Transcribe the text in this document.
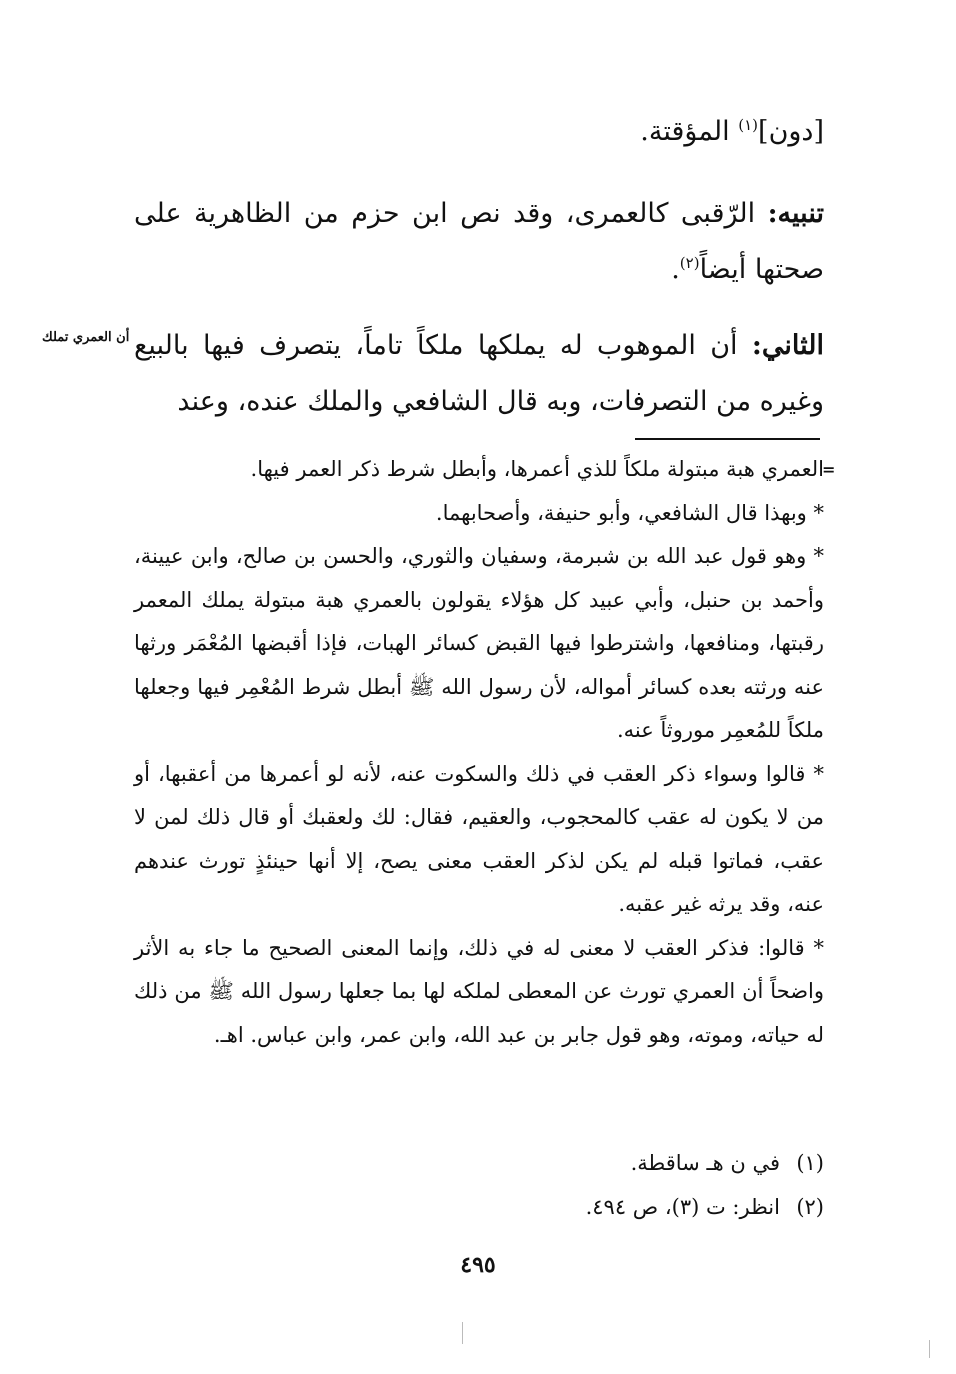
[دون]$^{(١)}$ المؤقتة.
تنبيه: الرّقبى كالعمرى، وقد نص ابن حزم من الظاهرية على صحتها أيضاً$^{(٢)}$.
الثاني: أن الموهوب له يملكها ملكاً تاماً، يتصرف فيها بالبيع وغيره من التصرفات، وبه قال الشافعي والملك عنده، وعند
أن العمري تملك
=

العمري هبة مبتولة ملكاً للذي أعمرها، وأبطل شرط ذكر العمر فيها.

* وبهذا قال الشافعي، وأبو حنيفة، وأصحابهما.

* وهو قول عبد الله بن شبرمة، وسفيان والثوري، والحسن بن صالح، وابن عيينة، وأحمد بن حنبل، وأبي عبيد كل هؤلاء يقولون بالعمري هبة مبتولة يملك المعمر رقبتها، ومنافعها، واشترطوا فيها القبض كسائر الهبات، فإذا أقبضها المُعْمَر ورثها عنه ورثته بعده كسائر أمواله، لأن رسول الله ﷺ أبطل شرط المُعْمِر فيها وجعلها ملكاً للمُعمِر موروثاً عنه.

* قالوا وسواء ذكر العقب في ذلك والسكوت عنه، لأنه لو أعمرها من أعقبها، أو من لا يكون له عقب كالمحجوب، والعقيم، فقال: لك ولعقبك أو قال ذلك لمن لا عقب، فماتوا قبله لم يكن لذكر العقب معنى يصح، إلا أنها حينئذٍ تورث عندهم عنه، وقد يرثه غير عقبه.

* قالوا: فذكر العقب لا معنى له في ذلك، وإنما المعنى الصحيح ما جاء به الأثر واضحاً أن العمري تورث عن المعطى لملكه لها بما جعلها رسول الله ﷺ من ذلك له حياته، وموته، وهو قول جابر بن عبد الله، وابن عمر، وابن عباس. اهـ.

(١)في ن هـ ساقطة.

(٢)انظر: ت (٣)، ص ٤٩٤.

٤٩٥
